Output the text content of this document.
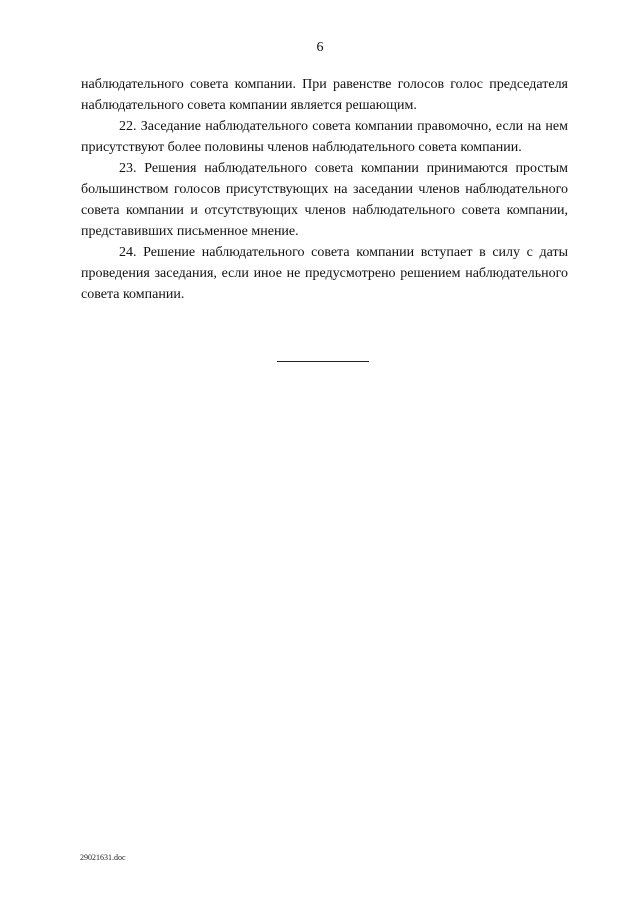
6

наблюдательного совета компании. При равенстве голосов голос председателя наблюдательного совета компании является решающим.

22. Заседание наблюдательного совета компании правомочно, если на нем присутствуют более половины членов наблюдательного совета компании.

23. Решения наблюдательного совета компании принимаются простым большинством голосов присутствующих на заседании членов наблюдательного совета компании и отсутствующих членов наблюдательного совета компании, представивших письменное мнение.

24. Решение наблюдательного совета компании вступает в силу с даты проведения заседания, если иное не предусмотрено решением наблюдательного совета компании.

29021631.doc
